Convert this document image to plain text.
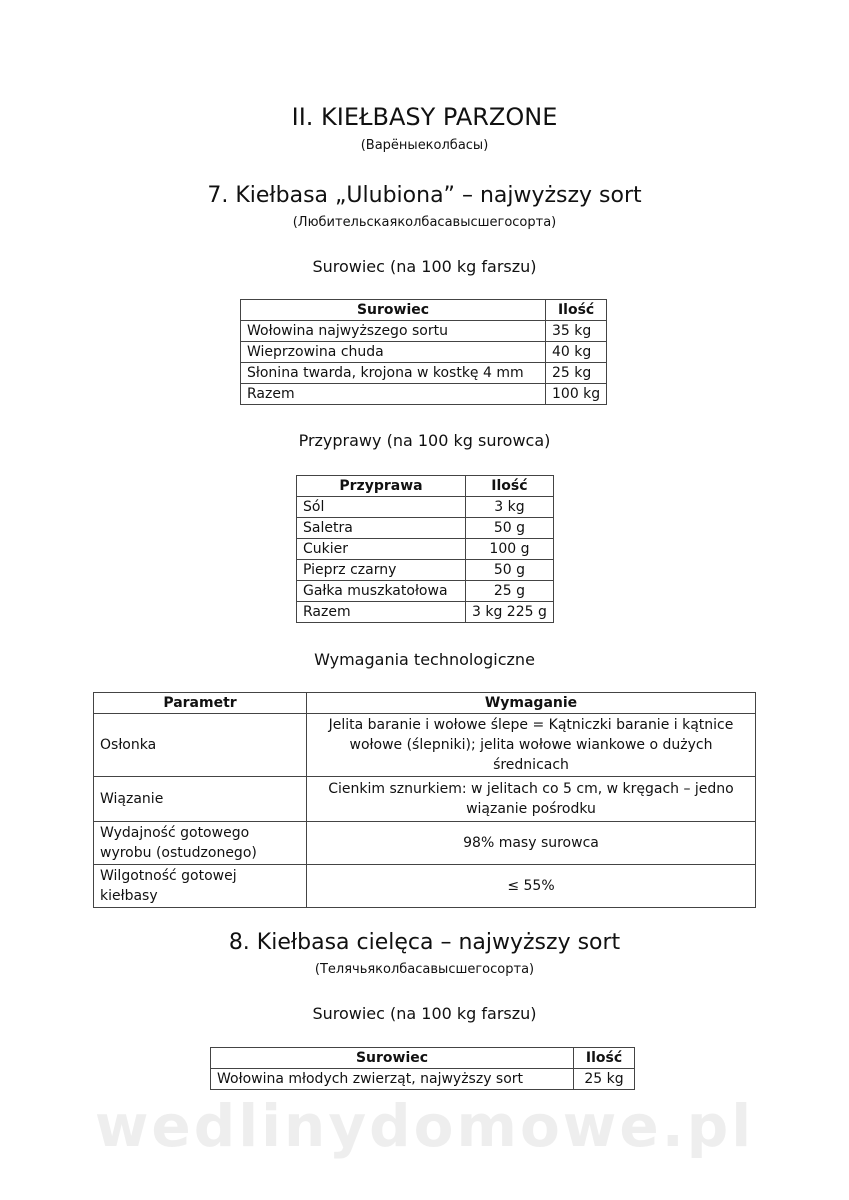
II. KIEŁBASY PARZONE
(Варёныеколбасы)
7. Kiełbasa „Ulubiona” – najwyższy sort
(Любительскаяколбасавысшегосорта)
Surowiec (na 100 kg farszu)
Surowiec	Ilość
Wołowina najwyższego sortu	35 kg
Wieprzowina chuda	40 kg
Słonina twarda, krojona w kostkę 4 mm	25 kg
Razem	100 kg
Przyprawy (na 100 kg surowca)
Przyprawa	Ilość
Sól	3 kg
Saletra	50 g
Cukier	100 g
Pieprz czarny	50 g
Gałka muszkatołowa	25 g
Razem	3 kg 225 g
Wymagania technologiczne
Parametr	Wymaganie
Osłonka	Jelita baranie i wołowe ślepe = Kątniczki baranie i kątnice wołowe (ślepniki); jelita wołowe wiankowe o dużych średnicach
Wiązanie	Cienkim sznurkiem: w jelitach co 5 cm, w kręgach – jedno wiązanie pośrodku
Wydajność gotowego wyrobu (ostudzonego)	98% masy surowca
Wilgotność gotowej kiełbasy	≤ 55%
8. Kiełbasa cielęca – najwyższy sort
(Телячьяколбасавысшегосорта)
Surowiec (na 100 kg farszu)
Surowiec	Ilość
Wołowina młodych zwierząt, najwyższy sort	25 kg
wedlinydomowe.pl
